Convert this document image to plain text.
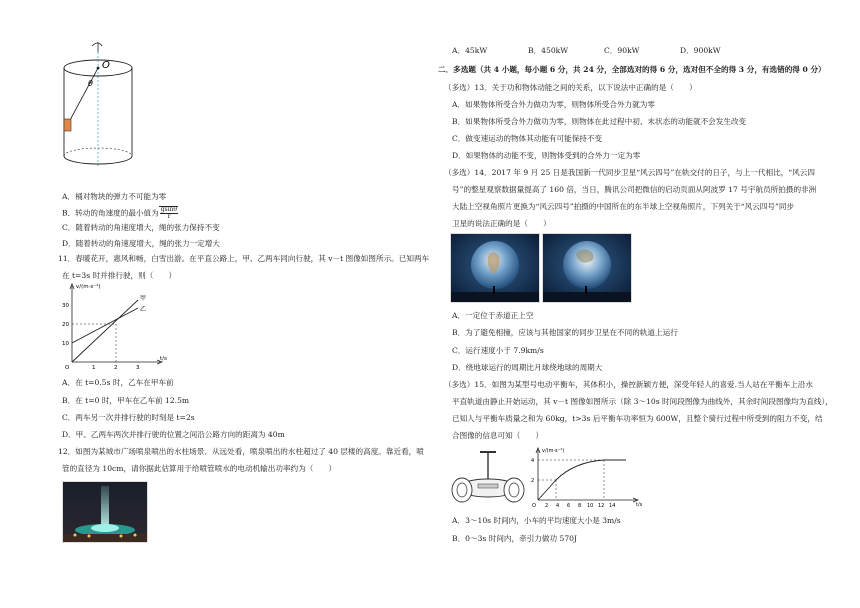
O
θ
A．桶对物块的弹力不可能为零
B．转动的角速度的最小值为 $\frac{gsin\theta}{r}$
C．随着转动的角速度增大，绳的张力保持不变
D．随着转动的角速度增大，绳的张力一定增大
11．春暖花开，惠风和畅，白雪出游。在平直公路上，甲、乙两车同向行驶，其 v－t 图像如图所示。已知两车
在 t=3s 时并排行驶，则（　　）
v/(m·s⁻¹)
t/s
10
20
30
O	1	2	3
甲
乙
A．在 t=0.5s 时，乙车在甲车前
B．在 t=0 时，甲车在乙车前 12.5m
C．两车另一次并排行驶的时刻是 t=2s
D．甲、乙两车两次并排行驶的位置之间沿公路方向的距离为 40m
12．如图为某城市广场喷泉喷出的水柱场景．从远处看，喷泉喷出的水柱超过了 40 层楼的高度。靠近看，喷
管的直径为 10cm，请你据此估算用于给喷管喷水的电动机输出功率约为（　　）
A．45kW	B．450kW	C．90kW	D．900kW
二．多选题（共 4 小题，每小题 6 分，共 24 分，全部选对的得 6 分，选对但不全的得 3 分，有选错的得 0 分）
（多选）13．关于功和物体动能之间的关系，以下说法中正确的是（　　）
A．如果物体所受合外力做功为零，则物体所受合外力就为零
B．如果物体所受合外力做功为零，则物体在此过程中初、末状态的动能就不会发生改变
C．做变速运动的物体其动能有可能保持不变
D．如果物体的动能不变，则物体受到的合外力一定为零
（多选）14．2017 年 9 月 25 日是我国新一代同步卫星“风云四号”在轨交付的日子，与上一代相比，“风云四
号”的整星观察数据量提高了 160 倍，当日，腾讯公司把微信的启动页面从阿波罗 17 号宇航员所拍摄的非洲
大陆上空视角照片更换为“风云四号”拍摄的中国所在的东半球上空视角照片，下列关于“风云四号”同步
卫星的说法正确的是（　　）
A．一定位于赤道正上空
B．为了避免相撞，应该与其他国家的同步卫星在不同的轨道上运行
C．运行速度小于 7.9km/s
D．绕地球运行的周期比月球绕地球的周期大
（多选）15．如图为某型号电动平衡车，其体积小，操控新颖方便，深受年轻人的喜爱.当人站在平衡车上沿水
平直轨道由静止开始运动，其 v－t 图像如图所示（除 3～10s 时间段图像为曲线外，其余时间段图像均为直线），
已知人与平衡车质量之和为 60kg，t>3s 后平衡车功率恒为 600W，且整个骑行过程中所受到的阻力不变，结
合图像的信息可知（　　）
v/(m·s⁻¹)
t/s
4
2
O 2 4 6 8 10 12 14
A．3～10s 时间内，小车的平均速度大小是 3m/s
B．0～3s 时间内，牵引力做功 570J
